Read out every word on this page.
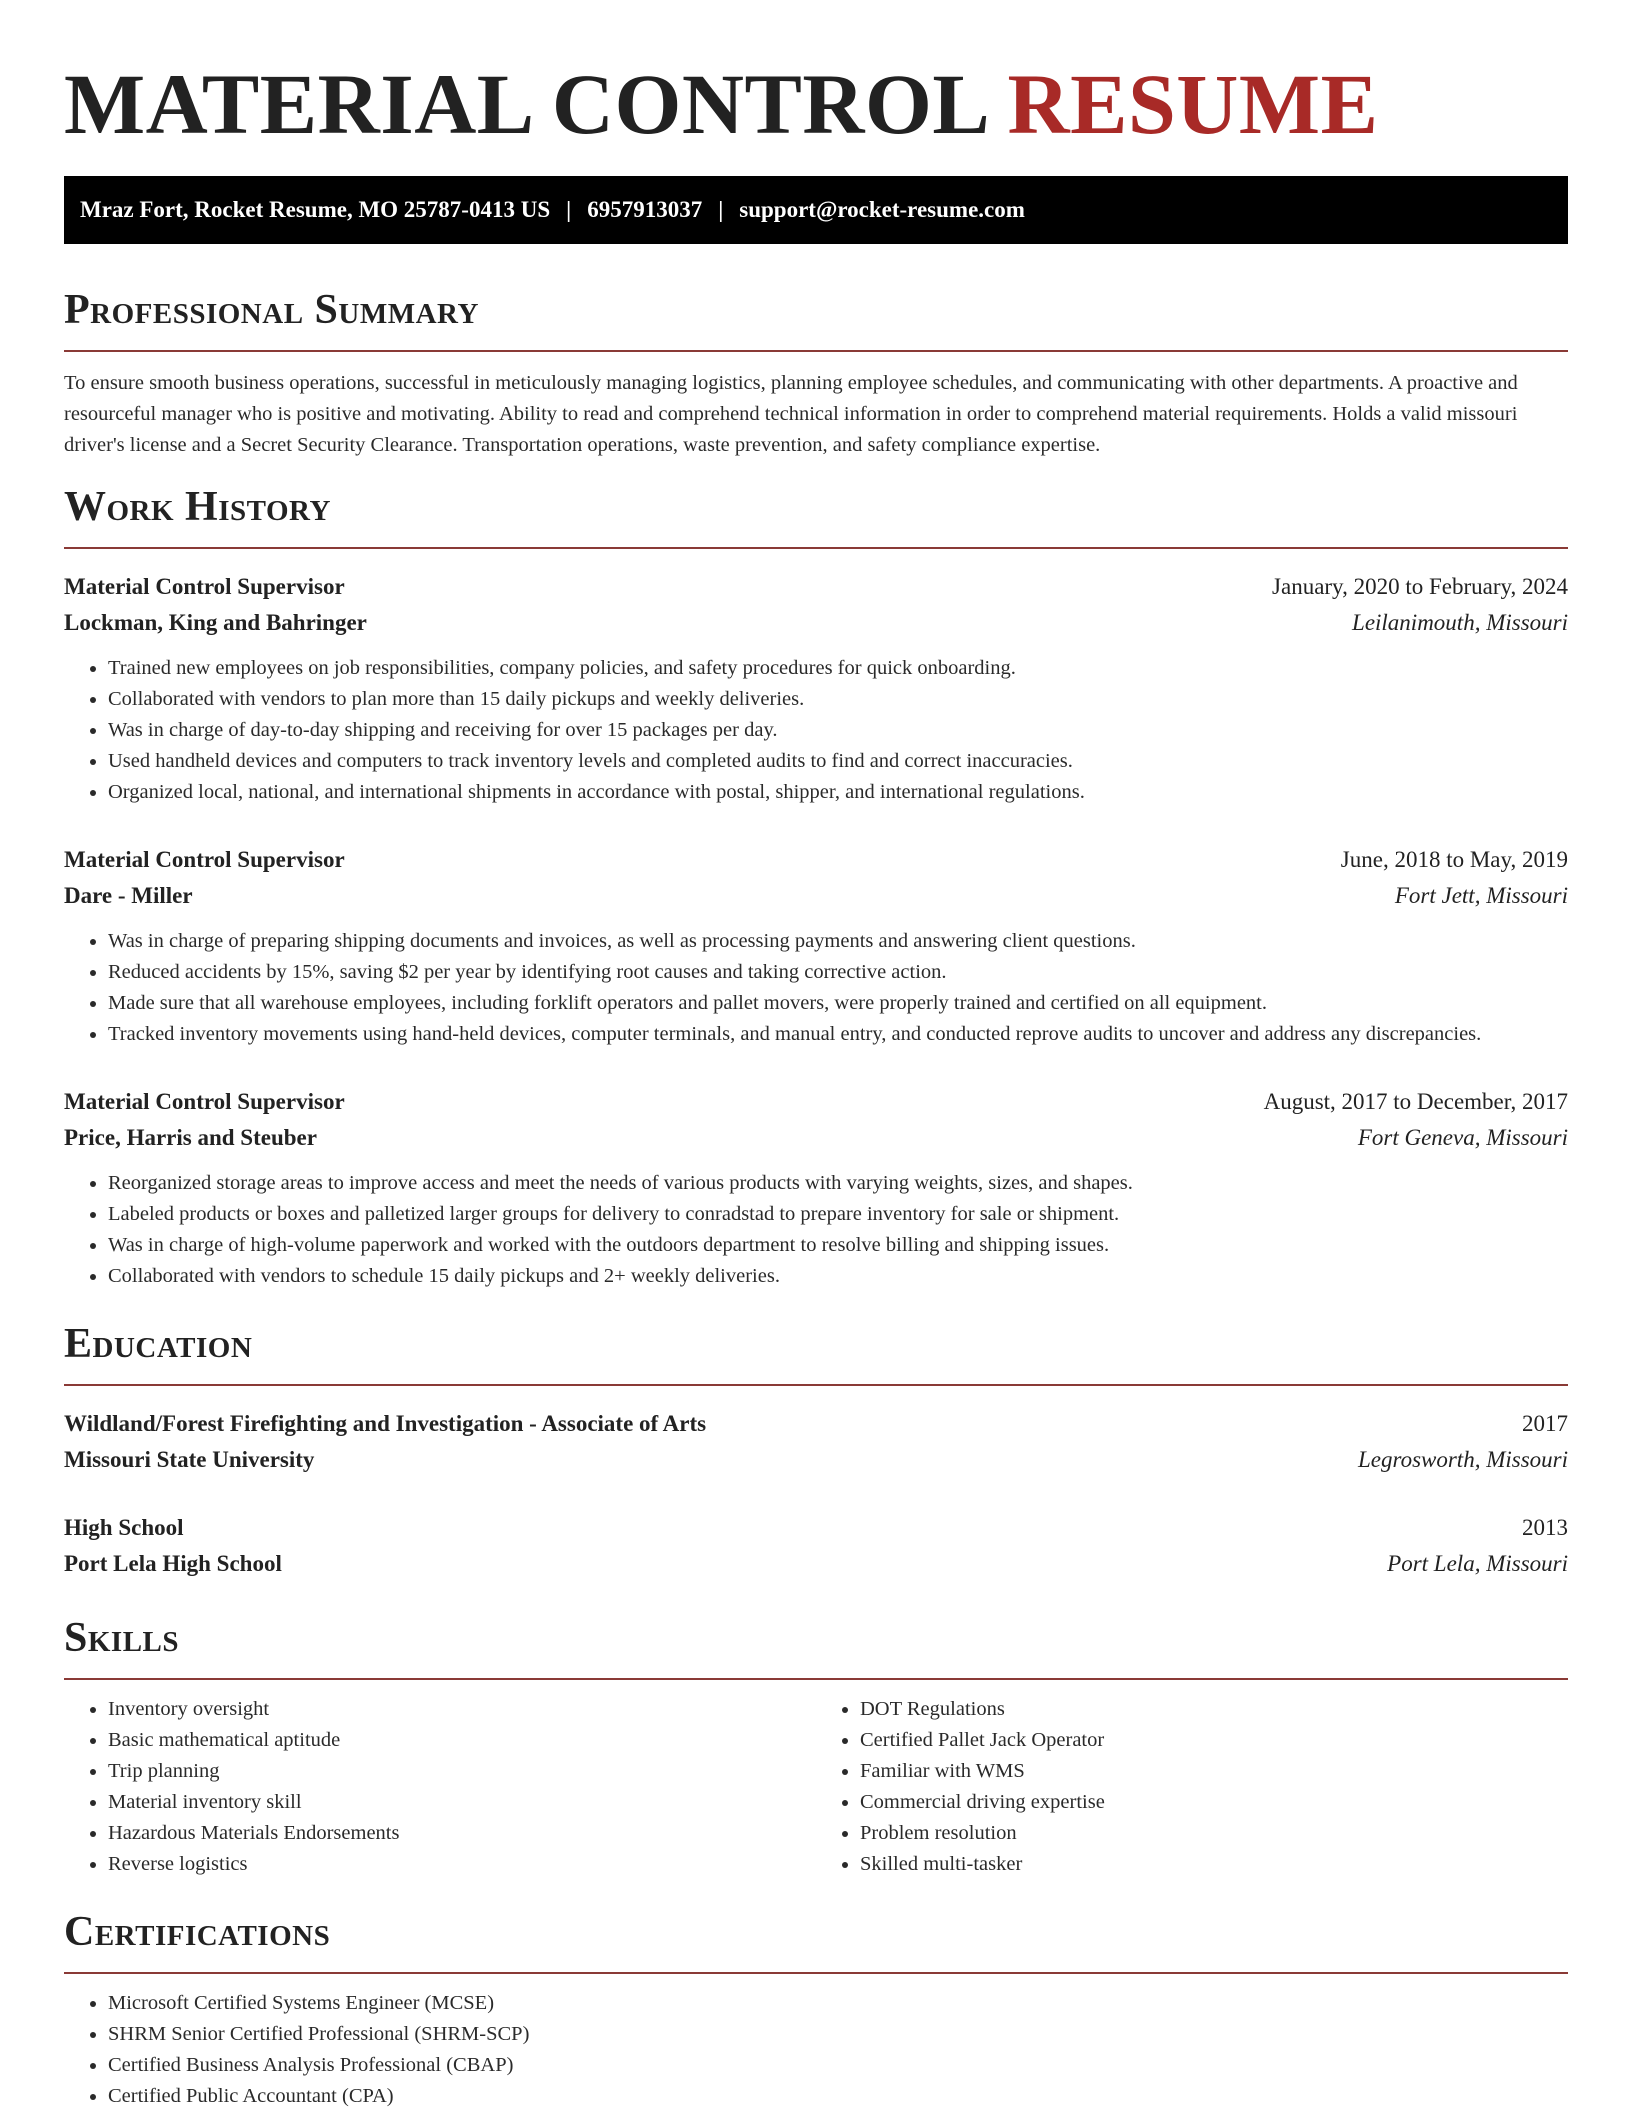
MATERIAL CONTROL RESUME
Mraz Fort, Rocket Resume, MO 25787-0413 US | 6957913037 | support@rocket-resume.com
Professional Summary

To ensure smooth business operations, successful in meticulously managing logistics, planning employee schedules, and communicating with other departments. A proactive and resourceful manager who is positive and motivating. Ability to read and comprehend technical information in order to comprehend material requirements. Holds a valid missouri driver's license and a Secret Security Clearance. Transportation operations, waste prevention, and safety compliance expertise.

Work History
Material Control Supervisor	January, 2020 to February, 2024
Lockman, King and Bahringer	Leilanimouth, Missouri
• Trained new employees on job responsibilities, company policies, and safety procedures for quick onboarding.
• Collaborated with vendors to plan more than 15 daily pickups and weekly deliveries.
• Was in charge of day-to-day shipping and receiving for over 15 packages per day.
• Used handheld devices and computers to track inventory levels and completed audits to find and correct inaccuracies.
• Organized local, national, and international shipments in accordance with postal, shipper, and international regulations.
Material Control Supervisor	June, 2018 to May, 2019
Dare - Miller	Fort Jett, Missouri
• Was in charge of preparing shipping documents and invoices, as well as processing payments and answering client questions.
• Reduced accidents by 15%, saving $2 per year by identifying root causes and taking corrective action.
• Made sure that all warehouse employees, including forklift operators and pallet movers, were properly trained and certified on all equipment.
• Tracked inventory movements using hand-held devices, computer terminals, and manual entry, and conducted reprove audits to uncover and address any discrepancies.
Material Control Supervisor	August, 2017 to December, 2017
Price, Harris and Steuber	Fort Geneva, Missouri
• Reorganized storage areas to improve access and meet the needs of various products with varying weights, sizes, and shapes.
• Labeled products or boxes and palletized larger groups for delivery to conradstad to prepare inventory for sale or shipment.
• Was in charge of high-volume paperwork and worked with the outdoors department to resolve billing and shipping issues.
• Collaborated with vendors to schedule 15 daily pickups and 2+ weekly deliveries.
Education
Wildland/Forest Firefighting and Investigation - Associate of Arts	2017
Missouri State University	Legrosworth, Missouri
High School	2013
Port Lela High School	Port Lela, Missouri
Skills
• Inventory oversight
• Basic mathematical aptitude
• Trip planning
• Material inventory skill
• Hazardous Materials Endorsements
• Reverse logistics
• DOT Regulations
• Certified Pallet Jack Operator
• Familiar with WMS
• Commercial driving expertise
• Problem resolution
• Skilled multi-tasker
Certifications
• Microsoft Certified Systems Engineer (MCSE)
• SHRM Senior Certified Professional (SHRM-SCP)
• Certified Business Analysis Professional (CBAP)
• Certified Public Accountant (CPA)
